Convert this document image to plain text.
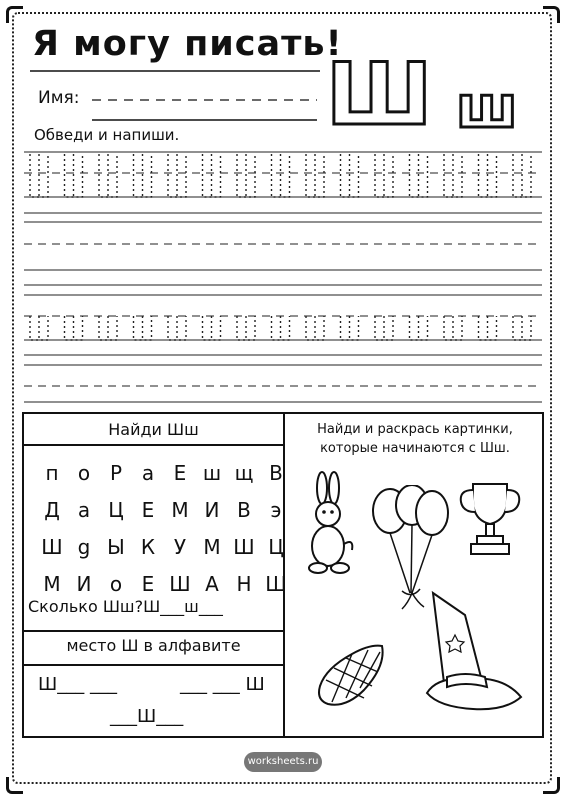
Я могу писать!
Имя:	Ш ш
Обведи и напиши.
Найди Шш
п о Р а Е ш щ В
Д а Ц Е М И В э
Ш g Ы К У М Ш Ц
М И о Е Ш А Н Ш
Сколько Шш?Ш___ш___
место Ш в алфавите
Ш___ ___	___ ___ Ш
___Ш___
Найди и раскрась картинки, которые начинаются с Шш.
worksheets.ru
